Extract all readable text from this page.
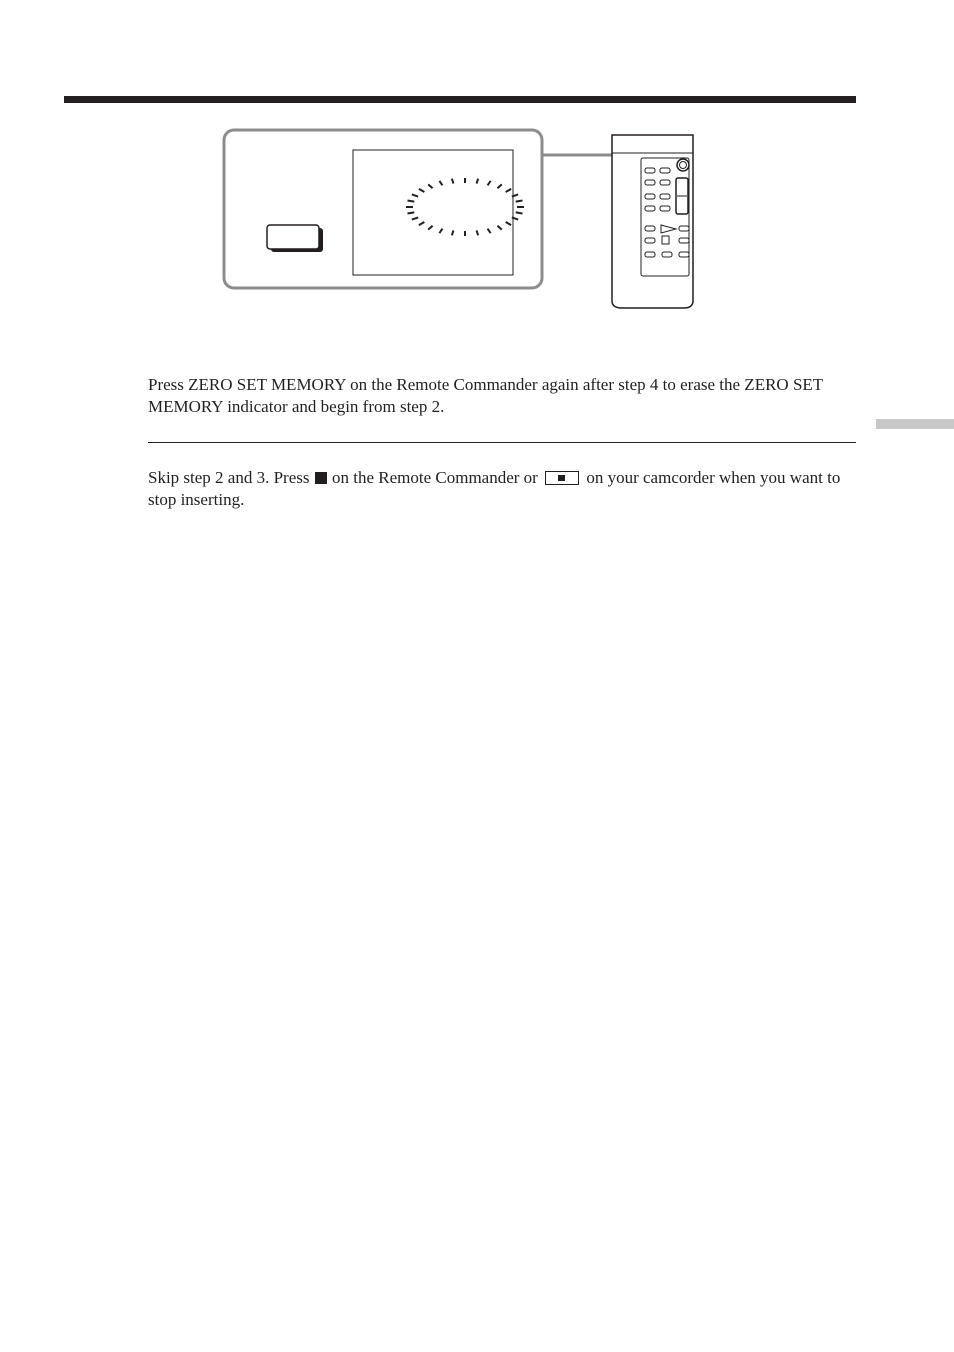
Press ZERO SET MEMORY on the Remote Commander again after step 4 to erase the ZERO SET MEMORY indicator and begin from step 2.

Skip step 2 and 3. Press on the Remote Commander or	on your camcorder when you want to stop inserting.
